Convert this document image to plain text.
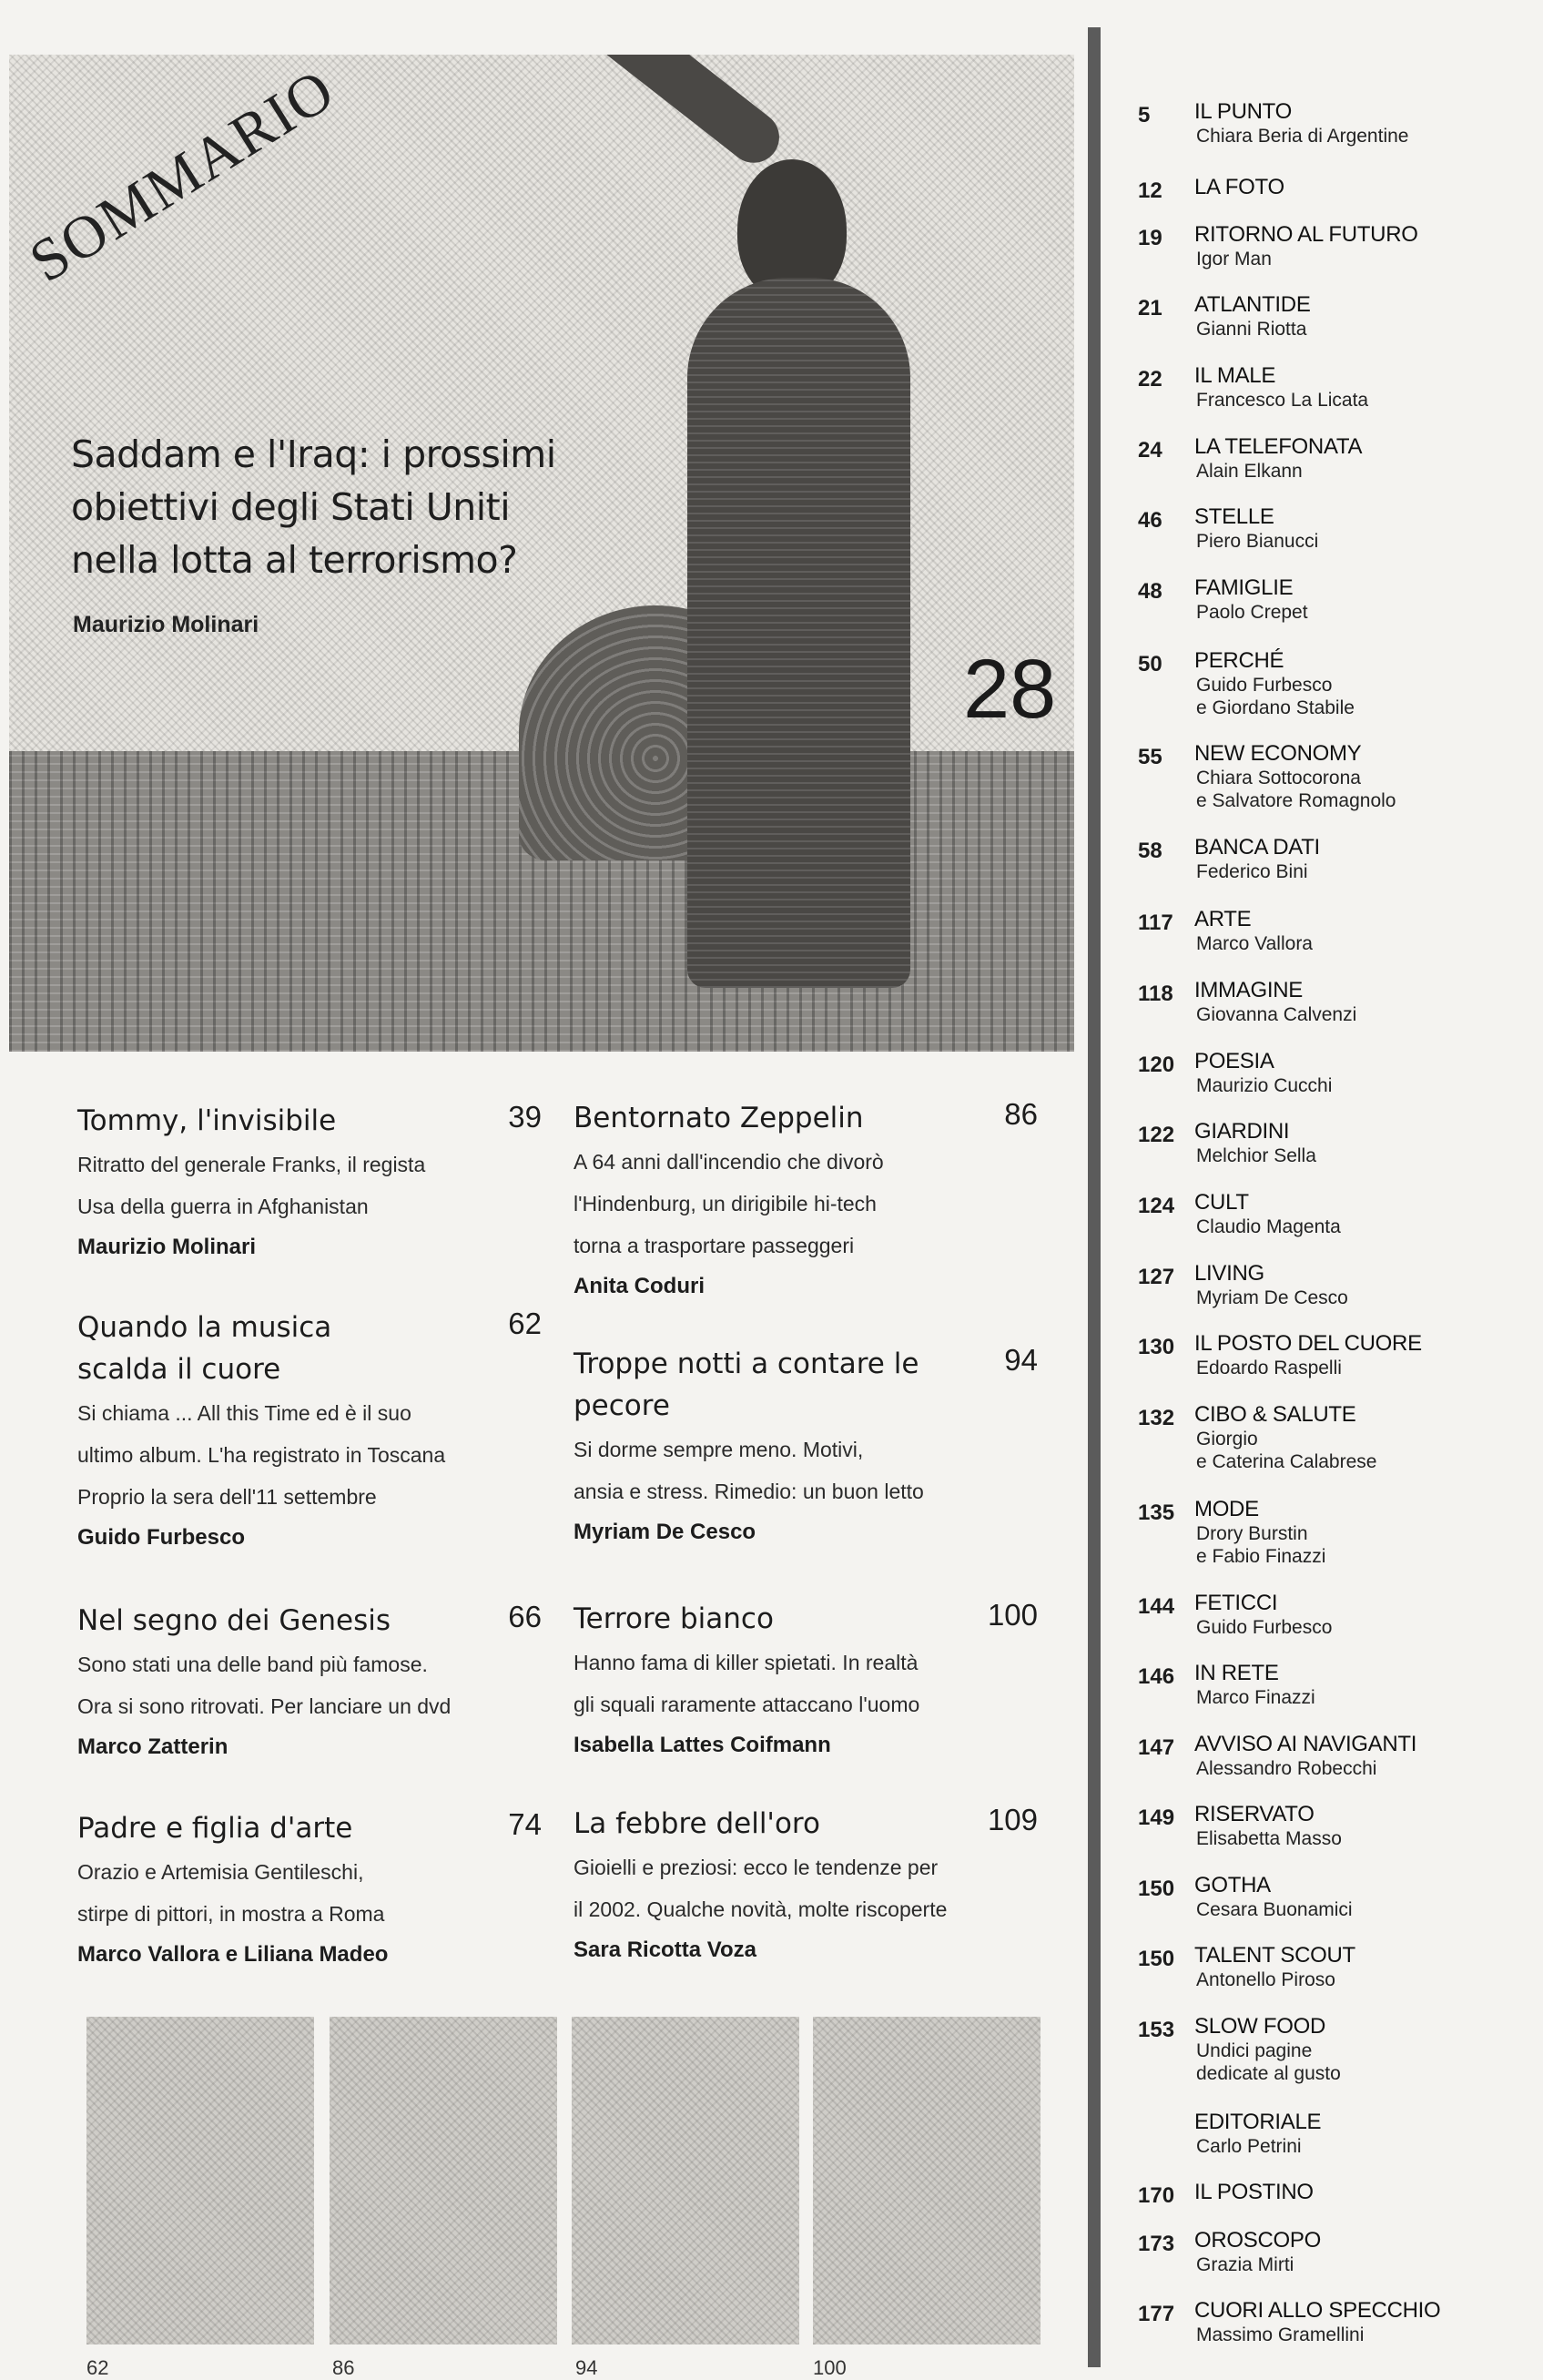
SOMMARIO
Saddam e l'Iraq: i prossimi
obiettivi degli Stati Uniti
nella lotta al terrorismo?
Maurizio Molinari
28
Tommy, l'invisibile	39
Ritratto del generale Franks, il regista
Usa della guerra in Afghanistan
Maurizio Molinari
Bentornato Zeppelin	86
A 64 anni dall'incendio che divorò
l'Hindenburg, un dirigibile hi-tech
torna a trasportare passeggeri
Anita Coduri
Quando la musica scalda il cuore
62
Si chiama ... All this Time ed è il suo
ultimo album. L'ha registrato in Toscana
Proprio la sera dell'11 settembre
Guido Furbesco
Troppe notti a contare le pecore
94
Si dorme sempre meno. Motivi,
ansia e stress. Rimedio: un buon letto
Myriam De Cesco
Nel segno dei Genesis	66
Sono stati una delle band più famose.
Ora si sono ritrovati. Per lanciare un dvd
Marco Zatterin
Terrore bianco	100
Hanno fama di killer spietati. In realtà
gli squali raramente attaccano l'uomo
Isabella Lattes Coifmann
Padre e figlia d'arte	74
Orazio e Artemisia Gentileschi,
stirpe di pittori, in mostra a Roma
Marco Vallora e Liliana Madeo
La febbre dell'oro	109
Gioielli e preziosi: ecco le tendenze per
il 2002. Qualche novità, molte riscoperte
Sara Ricotta Voza
62	86	94	100
5	IL PUNTO
Chiara Beria di Argentine
12	LA FOTO
19	RITORNO AL FUTURO
Igor Man
21	ATLANTIDE
Gianni Riotta
22	IL MALE
Francesco La Licata
24	LA TELEFONATA
Alain Elkann
46	STELLE
Piero Bianucci
48	FAMIGLIE
Paolo Crepet
50	PERCHÉ
Guido Furbesco
e Giordano Stabile
55	NEW ECONOMY
Chiara Sottocorona
e Salvatore Romagnolo
58	BANCA DATI
Federico Bini
117 ARTE
Marco Vallora
118 IMMAGINE
Giovanna Calvenzi
120 POESIA
Maurizio Cucchi
122 GIARDINI
Melchior Sella
124 CULT
Claudio Magenta
127 LIVING
Myriam De Cesco
130 IL POSTO DEL CUORE
Edoardo Raspelli
132 CIBO & SALUTE
Giorgio
e Caterina Calabrese
135 MODE
Drory Burstin
e Fabio Finazzi
144 FETICCI
Guido Furbesco
146 IN RETE
Marco Finazzi
147 AVVISO AI NAVIGANTI
Alessandro Robecchi
149 RISERVATO
Elisabetta Masso
150 GOTHA
Cesara Buonamici
150 TALENT SCOUT
Antonello Piroso
153 SLOW FOOD
Undici pagine
dedicate al gusto
EDITORIALE
Carlo Petrini
170 IL POSTINO
173 OROSCOPO
Grazia Mirti
177 CUORI ALLO SPECCHIO
Massimo Gramellini
